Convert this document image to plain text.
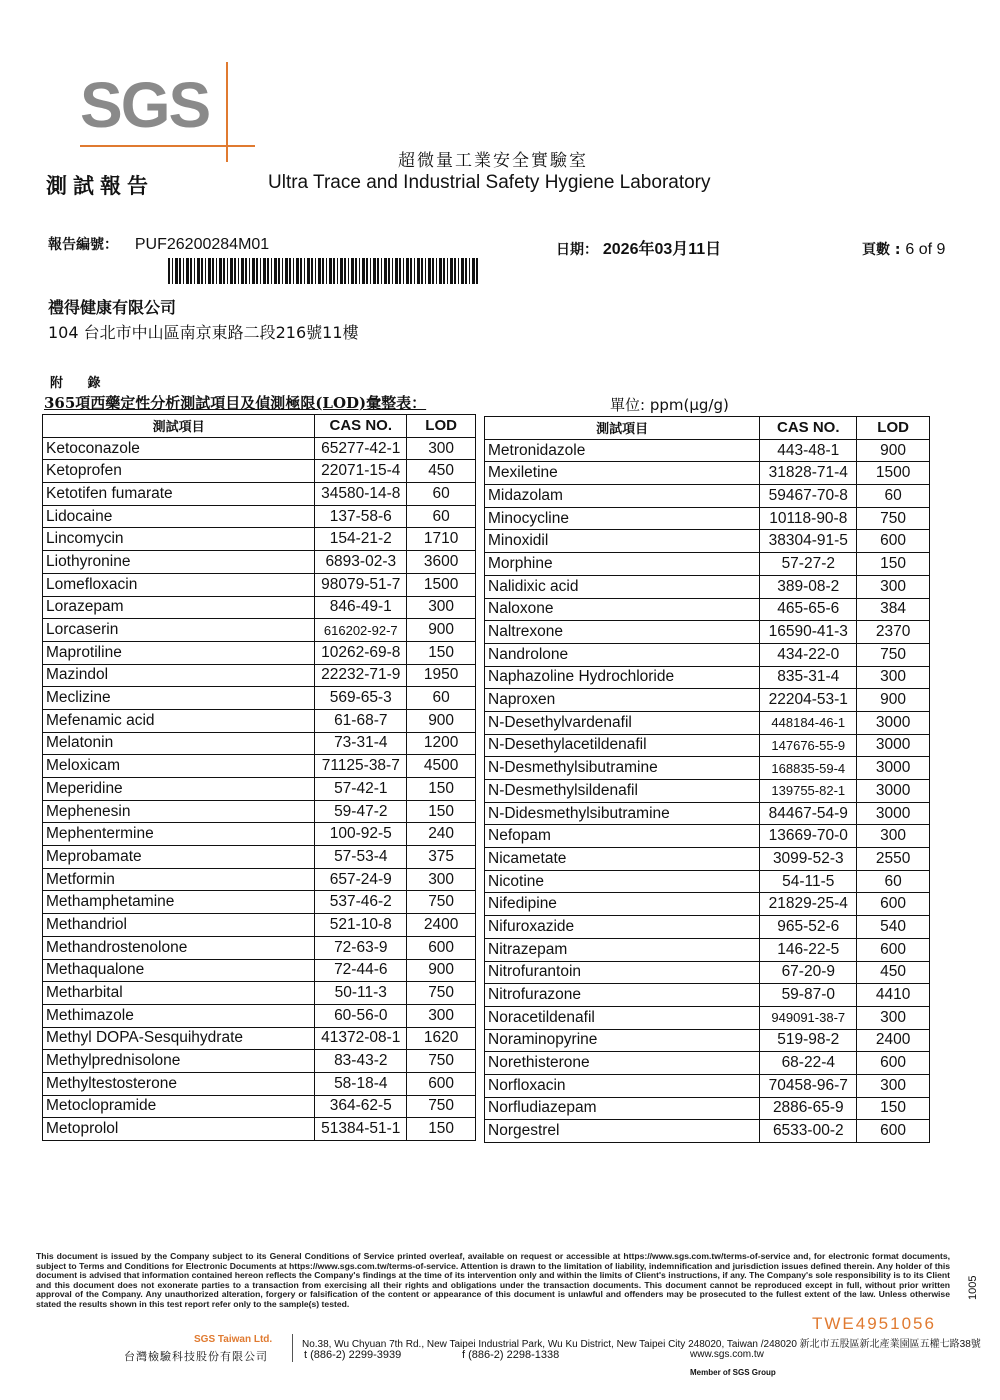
SGS
測試報告
超微量工業安全實驗室
Ultra Trace and Industrial Safety Hygiene Laboratory
報告編號： PUF26200284M01	日期： 2026年03月11日	頁數 : 6 of 9
禮得健康有限公司
104 台北市中山區南京東路二段216號11樓
附 錄
365項西藥定性分析測試項目及偵測極限(LOD)彙整表：	單位: ppm(μg/g)
測試項目	CAS NO.	LOD
Ketoconazole	65277-42-1	300
Ketoprofen	22071-15-4	450
Ketotifen fumarate	34580-14-8	60
Lidocaine	137-58-6	60
Lincomycin	154-21-2	1710
Liothyronine	6893-02-3	3600
Lomefloxacin	98079-51-7	1500
Lorazepam	846-49-1	300
Lorcaserin	616202-92-7	900
Maprotiline	10262-69-8	150
Mazindol	22232-71-9	1950
Meclizine	569-65-3	60
Mefenamic acid	61-68-7	900
Melatonin	73-31-4	1200
Meloxicam	71125-38-7	4500
Meperidine	57-42-1	150
Mephenesin	59-47-2	150
Mephentermine	100-92-5	240
Meprobamate	57-53-4	375
Metformin	657-24-9	300
Methamphetamine	537-46-2	750
Methandriol	521-10-8	2400
Methandrostenolone	72-63-9	600
Methaqualone	72-44-6	900
Metharbital	50-11-3	750
Methimazole	60-56-0	300
Methyl DOPA-Sesquihydrate	41372-08-1	1620
Methylprednisolone	83-43-2	750
Methyltestosterone	58-18-4	600
Metoclopramide	364-62-5	750
Metoprolol	51384-51-1	150
測試項目	CAS NO.	LOD
Metronidazole	443-48-1	900
Mexiletine	31828-71-4	1500
Midazolam	59467-70-8	60
Minocycline	10118-90-8	750
Minoxidil	38304-91-5	600
Morphine	57-27-2	150
Nalidixic acid	389-08-2	300
Naloxone	465-65-6	384
Naltrexone	16590-41-3	2370
Nandrolone	434-22-0	750
Naphazoline Hydrochloride	835-31-4	300
Naproxen	22204-53-1	900
N-Desethylvardenafil	448184-46-1	3000
N-Desethylacetildenafil	147676-55-9	3000
N-Desmethylsibutramine	168835-59-4	3000
N-Desmethylsildenafil	139755-82-1	3000
N-Didesmethylsibutramine	84467-54-9	3000
Nefopam	13669-70-0	300
Nicametate	3099-52-3	2550
Nicotine	54-11-5	60
Nifedipine	21829-25-4	600
Nifuroxazide	965-52-6	540
Nitrazepam	146-22-5	600
Nitrofurantoin	67-20-9	450
Nitrofurazone	59-87-0	4410
Noracetildenafil	949091-38-7	300
Noraminopyrine	519-98-2	2400
Norethisterone	68-22-4	600
Norfloxacin	70458-96-7	300
Norfludiazepam	2886-65-9	150
Norgestrel	6533-00-2	600
This document is issued by the Company subject to its General Conditions of Service printed overleaf, available on request or accessible at https://www.sgs.com.tw/terms-of-service and, for electronic format documents, subject to Terms and Conditions for Electronic Documents at https://www.sgs.com.tw/terms-of-service. Attention is drawn to the limitation of liability, indemnification and jurisdiction issues defined therein. Any holder of this document is advised that information contained hereon reflects the Company's findings at the time of its intervention only and within the limits of Client's instructions, if any. The Company's sole responsibility is to its Client and this document does not exonerate parties to a transaction from exercising all their rights and obligations under the transaction documents. This document cannot be reproduced except in full, without prior written approval of the Company. Any unauthorized alteration, forgery or falsification of the content or appearance of this document is unlawful and offenders may be prosecuted to the fullest extent of the law. Unless otherwise stated the results shown in this test report refer only to the sample(s) tested.
TWE4951056
SGS Taiwan Ltd.
台灣檢驗科技股份有限公司
No.38, Wu Chyuan 7th Rd., New Taipei Industrial Park, Wu Ku District, New Taipei City 248020, Taiwan /248020 新北市五股區新北產業園區五權七路38號
t (886-2) 2299-3939	f (886-2) 2298-1338	www.sgs.com.tw
Member of SGS Group
1005
